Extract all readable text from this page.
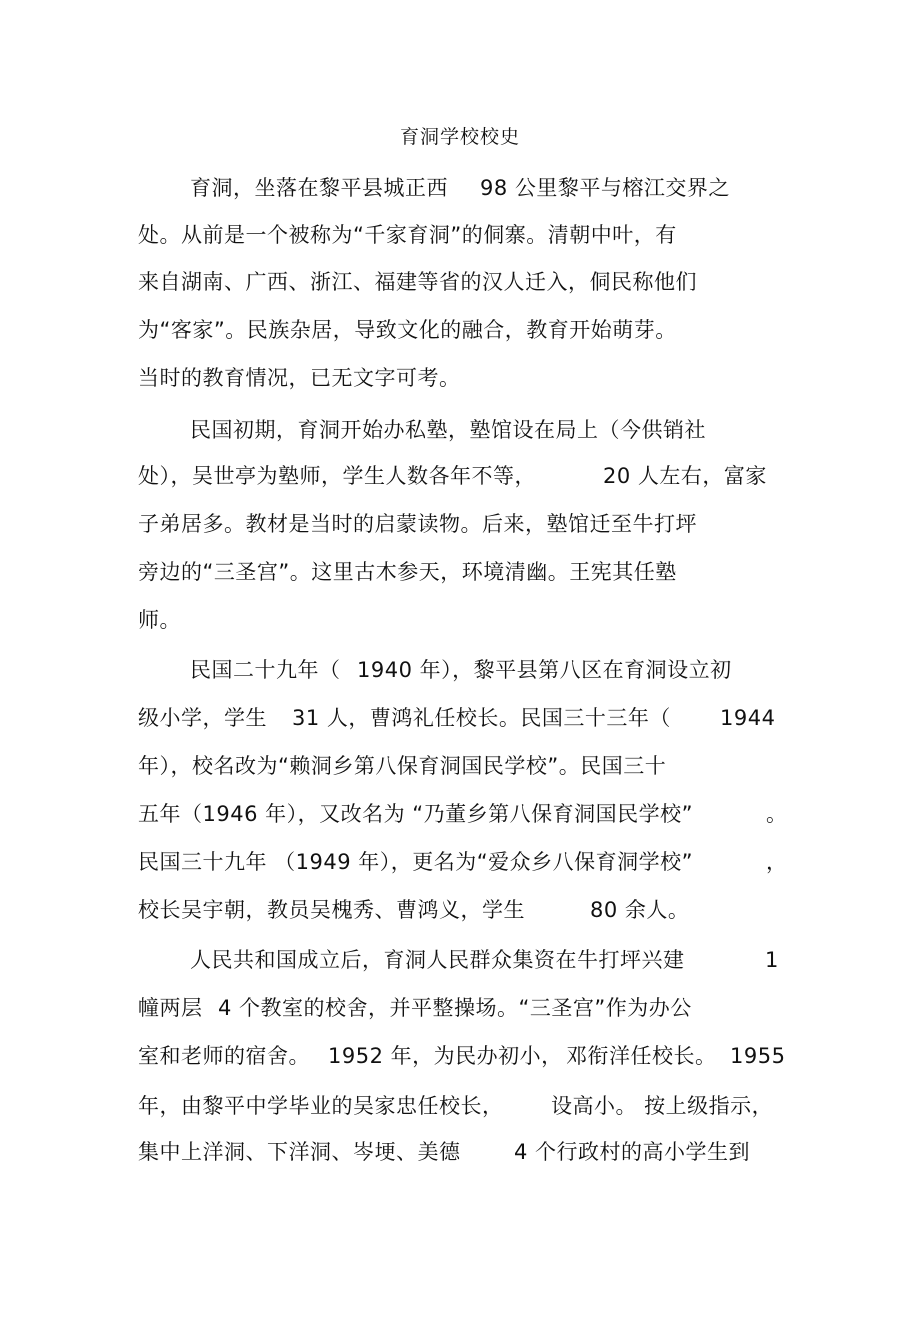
育洞学校校史

育洞，坐落在黎平县城正西

98 公里黎平与榕江交界之

处。从前是一个被称为“千家育洞”的侗寨。清朝中叶，有

来自湖南、广西、浙江、福建等省的汉人迁入，侗民称他们

为“客家”。民族杂居，导致文化的融合，教育开始萌芽。

当时的教育情况，已无文字可考。

民国初期，育洞开始办私塾，塾馆设在局上（今供销社

处），吴世亭为塾师，学生人数各年不等，

	20 人左右，富家

子弟居多。教材是当时的启蒙读物。后来，塾馆迁至牛打坪

旁边的“三圣宫”。这里古木参天，环境清幽。王宪其任塾

师。

民国二十九年（

1940 年），黎平县第八区在育洞设立初

级小学，学生

31 人，曹鸿礼任校长。民国三十三年（

1944

年），校名改为“赖洞乡第八保育洞国民学校”。民国三十

五年（1946 年），又改名为 “乃董乡第八保育洞国民学校”

	。

民国三十九年 （1949 年），更名为“爱众乡八保育洞学校”

	，

校长吴宇朝，教员吴槐秀、曹鸿义，学生

	80 余人。

人民共和国成立后，育洞人民群众集资在牛打坪兴建

	1

幢两层

4 个教室的校舍，并平整操场。“三圣宫”作为办公

室和老师的宿舍。

1952 年，为民办初小，

邓衔洋任校长。

1955

年，由黎平中学毕业的吴家忠任校长，

设高小。 按上级指示，

集中上洋洞、下洋洞、岑埂、美德

	4 个行政村的高小学生到
